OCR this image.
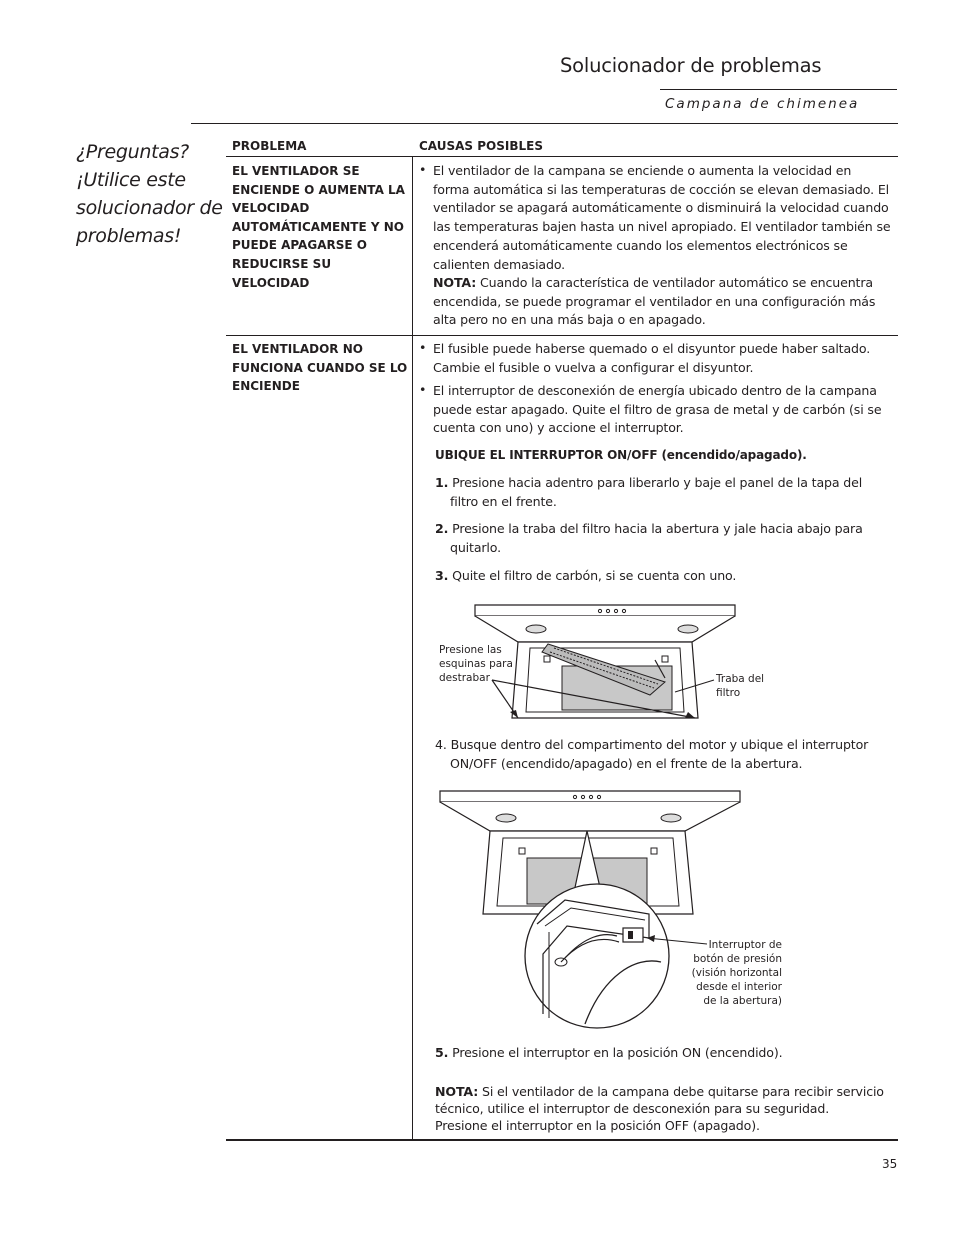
Solucionador de problemas
Campana de chimenea
¿Preguntas? ¡Utilice este solucionador de problemas!
PROBLEMA	CAUSAS POSIBLES
EL VENTILADOR SE ENCIENDE O AUMENTA LA VELOCIDAD AUTOMÁTICAMENTE Y NO PUEDE APAGARSE O REDUCIRSE SU VELOCIDAD
• El ventilador de la campana se enciende o aumenta la velocidad en forma automática si las temperaturas de cocción se elevan demasiado. El ventilador se apagará automáticamente o disminuirá la velocidad cuando las temperaturas bajen hasta un nivel apropiado. El ventilador también se encenderá automáticamente cuando los elementos electrónicos se calienten demasiado.
NOTA: Cuando la característica de ventilador automático se encuentra encendida, se puede programar el ventilador en una configuración más alta pero no en una más baja o en apagado.
EL VENTILADOR NO FUNCIONA CUANDO SE LO ENCIENDE
• El fusible puede haberse quemado o el disyuntor puede haber saltado. Cambie el fusible o vuelva a configurar el disyuntor.
• El interruptor de desconexión de energía ubicado dentro de la campana puede estar apagado. Quite el filtro de grasa de metal y de carbón (si se cuenta con uno) y accione el interruptor.
UBIQUE EL INTERRUPTOR ON/OFF (encendido/apagado).
1. Presione hacia adentro para liberarlo y baje el panel de la tapa del filtro en el frente.
2. Presione la traba del filtro hacia la abertura y jale hacia abajo para quitarlo.
3. Quite el filtro de carbón, si se cuenta con uno.
Presione las esquinas para destrabar	Traba del filtro
4. Busque dentro del compartimento del motor y ubique el interruptor ON/OFF (encendido/apagado) en el frente de la abertura.
Interruptor de botón de presión (visión horizontal desde el interior de la abertura)
5. Presione el interruptor en la posición ON (encendido).
NOTA: Si el ventilador de la campana debe quitarse para recibir servicio técnico, utilice el interruptor de desconexión para su seguridad. Presione el interruptor en la posición OFF (apagado).
35
